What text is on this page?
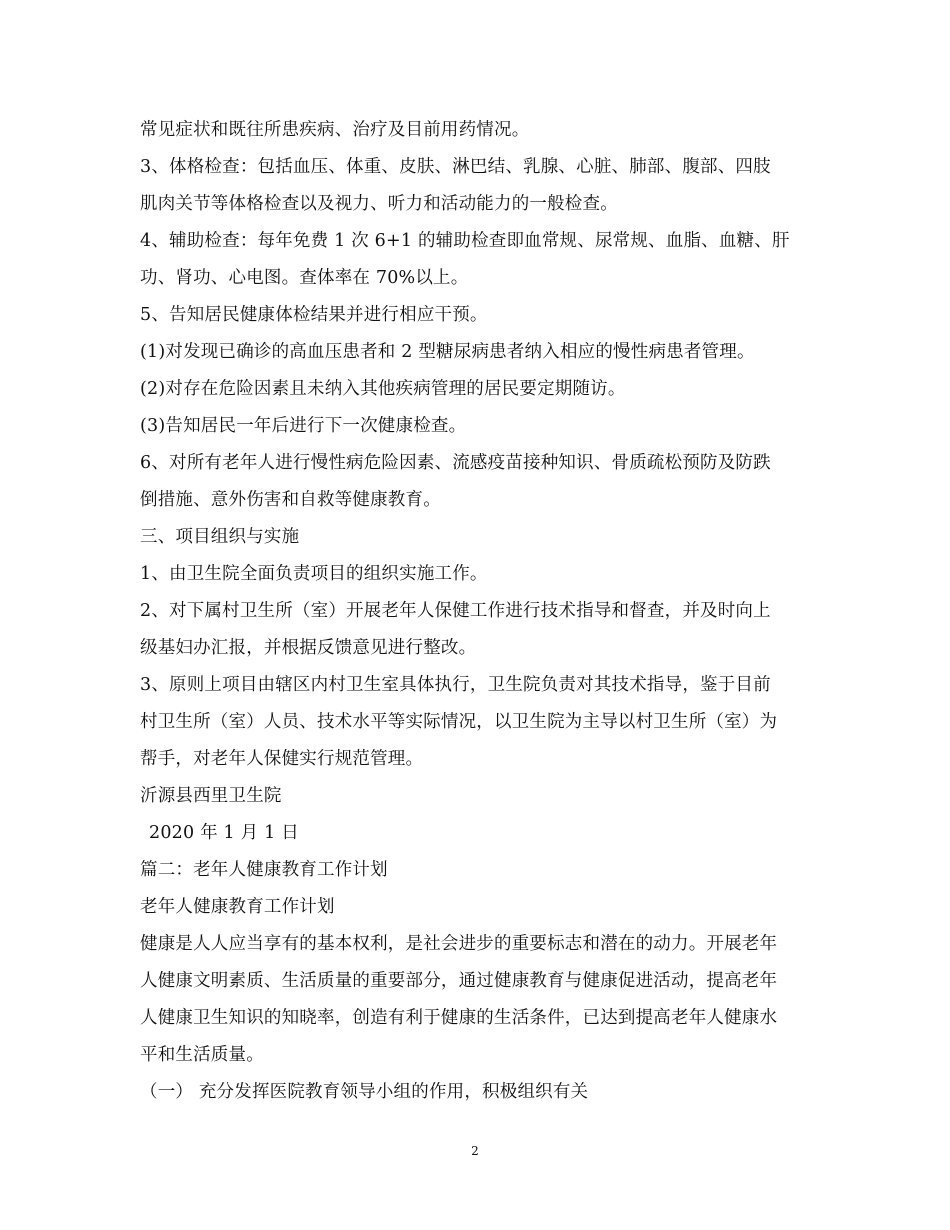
常见症状和既往所患疾病、治疗及目前用药情况。
3、体格检查：包括血压、体重、皮肤、淋巴结、乳腺、心脏、肺部、腹部、四肢
肌肉关节等体格检查以及视力、听力和活动能力的一般检查。
4、辅助检查：每年免费 1 次 6+1 的辅助检查即血常规、尿常规、血脂、血糖、肝
功、肾功、心电图。查体率在 70%以上。
5、告知居民健康体检结果并进行相应干预。
(1)对发现已确诊的高血压患者和 2 型糖尿病患者纳入相应的慢性病患者管理。
(2)对存在危险因素且未纳入其他疾病管理的居民要定期随访。
(3)告知居民一年后进行下一次健康检查。
6、对所有老年人进行慢性病危险因素、流感疫苗接种知识、骨质疏松预防及防跌
倒措施、意外伤害和自救等健康教育。
三、项目组织与实施
1、由卫生院全面负责项目的组织实施工作。
2、对下属村卫生所（室）开展老年人保健工作进行技术指导和督查，并及时向上
级基妇办汇报，并根据反馈意见进行整改。
3、原则上项目由辖区内村卫生室具体执行，卫生院负责对其技术指导，鉴于目前
村卫生所（室）人员、技术水平等实际情况，以卫生院为主导以村卫生所（室）为
帮手，对老年人保健实行规范管理。
沂源县西里卫生院
2020 年 1 月 1 日
篇二：老年人健康教育工作计划
老年人健康教育工作计划
健康是人人应当享有的基本权利，是社会进步的重要标志和潜在的动力。开展老年
人健康文明素质、生活质量的重要部分，通过健康教育与健康促进活动，提高老年
人健康卫生知识的知晓率，创造有利于健康的生活条件，已达到提高老年人健康水
平和生活质量。
（一） 充分发挥医院教育领导小组的作用，积极组织有关
2
